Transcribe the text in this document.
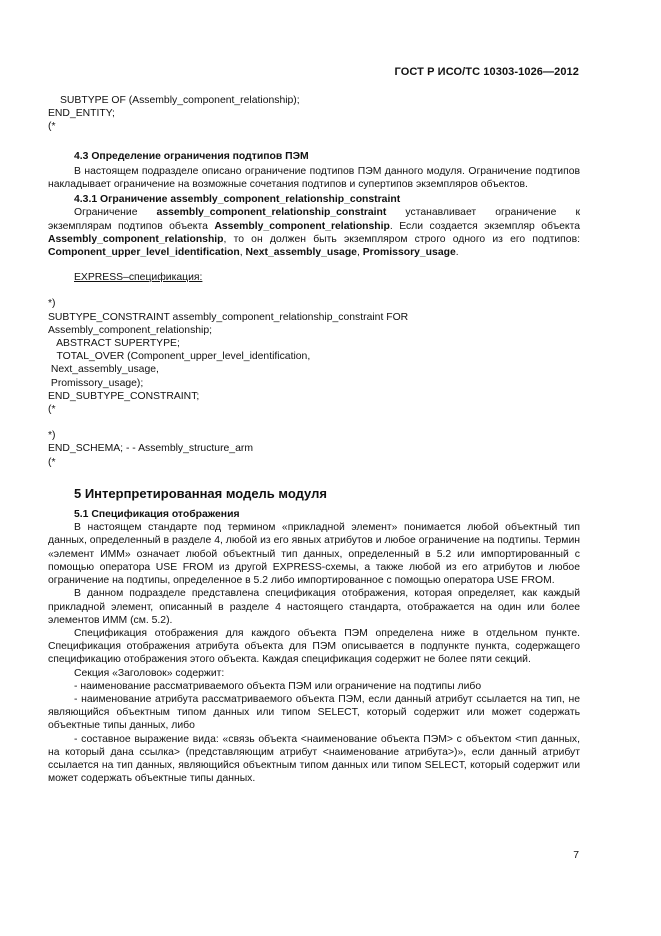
ГОСТ Р ИСО/ТС 10303-1026—2012
SUBTYPE OF (Assembly_component_relationship);
END_ENTITY;
(*
4.3 Определение ограничения подтипов ПЭМ

В настоящем подразделе описано ограничение подтипов ПЭМ данного модуля. Ограничение подтипов накладывает ограничение на возможные сочетания подтипов и супертипов экземпляров объектов.

4.3.1 Ограничение assembly_component_relationship_constraint

Ограничение assembly_component_relationship_constraint устанавливает ограничение к экземплярам подтипов объекта Assembly_component_relationship. Если создается экземпляр объекта Assembly_component_relationship, то он должен быть экземпляром строго одного из его подтипов: Component_upper_level_identification, Next_assembly_usage, Promissory_usage.

EXPRESS–спецификация:
*)
SUBTYPE_CONSTRAINT assembly_component_relationship_constraint FOR
Assembly_component_relationship;
ABSTRACT SUPERTYPE;
TOTAL_OVER (Component_upper_level_identification,
Next_assembly_usage,
Promissory_usage);
END_SUBTYPE_CONSTRAINT;
(*
*)
END_SCHEMA; - - Assembly_structure_arm
(*
5 Интерпретированная модель модуля
5.1 Спецификация отображения

В настоящем стандарте под термином «прикладной элемент» понимается любой объектный тип данных, определенный в разделе 4, любой из его явных атрибутов и любое ограничение на подтипы. Термин «элемент ИММ» означает любой объектный тип данных, определенный в 5.2 или импортированный с помощью оператора USE FROM из другой EXPRESS-схемы, а также любой из его атрибутов и любое ограничение на подтипы, определенное в 5.2 либо импортированное с помощью оператора USE FROM.

В данном подразделе представлена спецификация отображения, которая определяет, как каждый прикладной элемент, описанный в разделе 4 настоящего стандарта, отображается на один или более элементов ИММ (см. 5.2).

Спецификация отображения для каждого объекта ПЭМ определена ниже в отдельном пункте. Спецификация отображения атрибута объекта для ПЭМ описывается в подпункте пункта, содержащего спецификацию отображения этого объекта. Каждая спецификация содержит не более пяти секций.

Секция «Заголовок» содержит:

- наименование рассматриваемого объекта ПЭМ или ограничение на подтипы либо

- наименование атрибута рассматриваемого объекта ПЭМ, если данный атрибут ссылается на тип, не являющийся объектным типом данных или типом SELECT, который содержит или может содержать объектные типы данных, либо

- составное выражение вида: «связь объекта <наименование объекта ПЭМ> с объектом <тип данных, на который дана ссылка> (представляющим атрибут <наименование атрибута>)», если данный атрибут ссылается на тип данных, являющийся объектным типом данных или типом SELECT, который содержит или может содержать объектные типы данных.

7
